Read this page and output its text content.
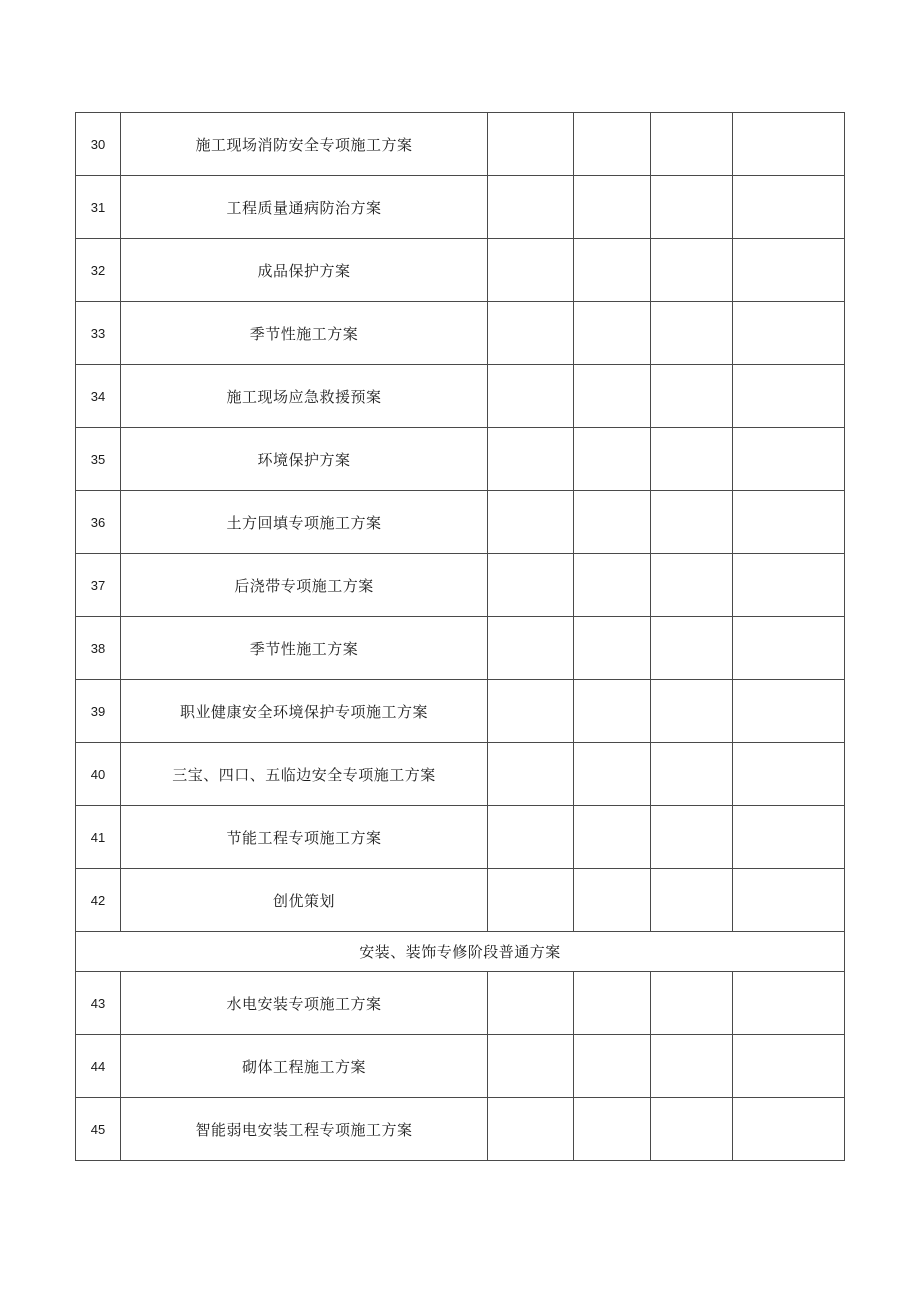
30	施工现场消防安全专项施工方案				
31	工程质量通病防治方案				
32	成品保护方案				
33	季节性施工方案				
34	施工现场应急救援预案				
35	环境保护方案				
36	土方回填专项施工方案				
37	后浇带专项施工方案				
38	季节性施工方案				
39	职业健康安全环境保护专项施工方案				
40	三宝、四口、五临边安全专项施工方案				
41	节能工程专项施工方案				
42	创优策划				
安装、装饰专修阶段普通方案					
43	水电安装专项施工方案				
44	砌体工程施工方案				
45	智能弱电安装工程专项施工方案				
